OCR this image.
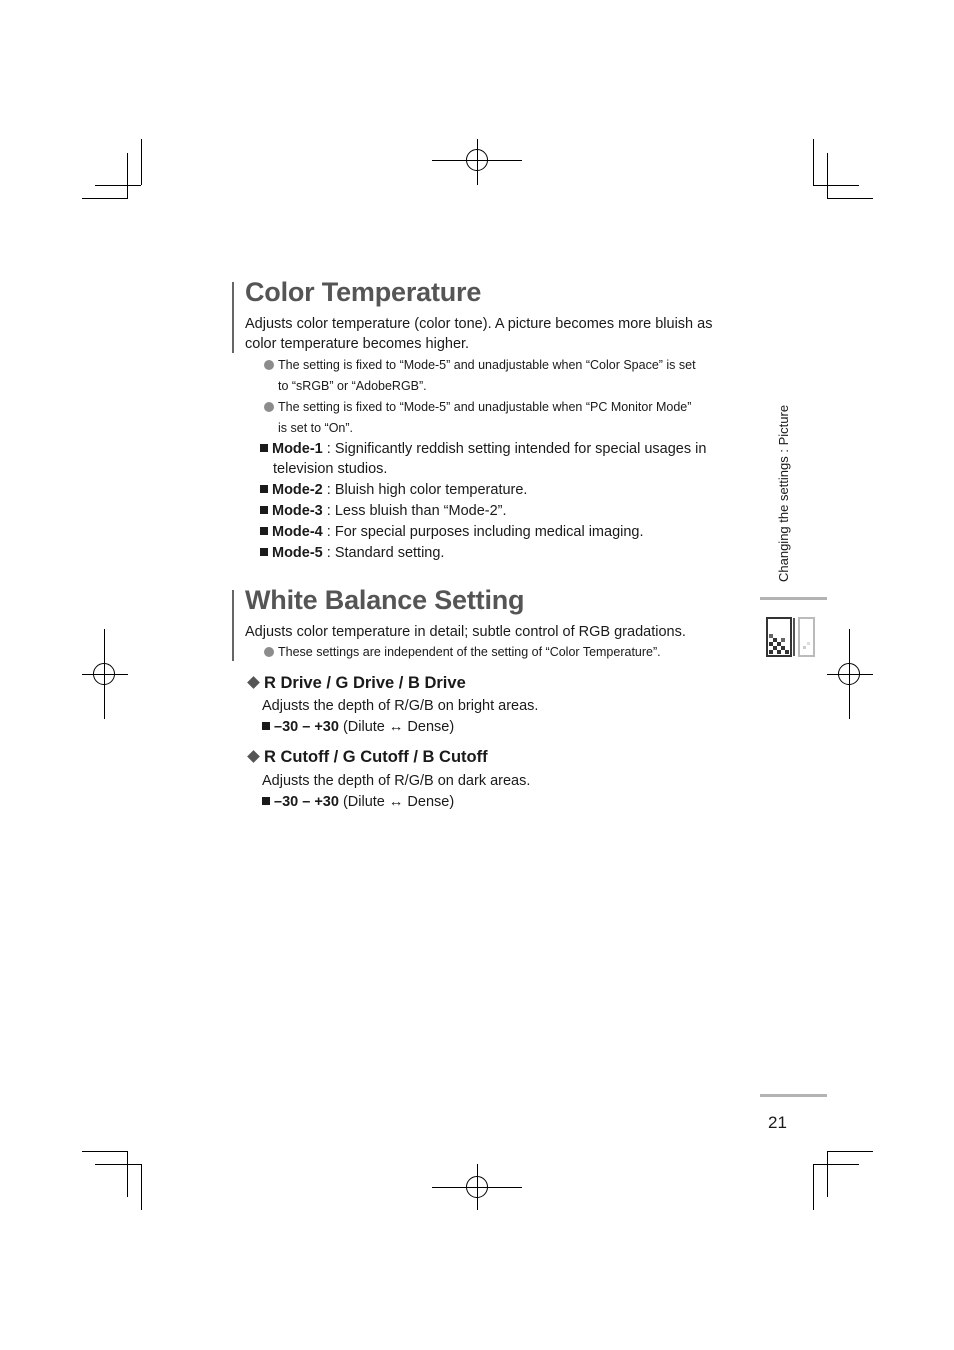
Color Temperature
Adjusts color temperature (color tone). A picture becomes more bluish as
color temperature becomes higher.
The setting is fixed to “Mode-5” and unadjustable when “Color Space” is set
to “sRGB” or “AdobeRGB”.
The setting is fixed to “Mode-5” and unadjustable when “PC Monitor Mode”
is set to “On”.
Mode-1 : Significantly reddish setting intended for special usages in
television studios.
Mode-2 : Bluish high color temperature.
Mode-3 : Less bluish than “Mode-2”.
Mode-4 : For special purposes including medical imaging.
Mode-5 : Standard setting.
White Balance Setting
Adjusts color temperature in detail; subtle control of RGB gradations.
These settings are independent of the setting of “Color Temperature”.
R Drive / G Drive / B Drive
Adjusts the depth of R/G/B on bright areas.
–30 – +30 (Dilute ↔ Dense)
R Cutoff / G Cutoff / B Cutoff
Adjusts the depth of R/G/B on dark areas.
–30 – +30 (Dilute ↔ Dense)
Changing the settings : Picture
21
